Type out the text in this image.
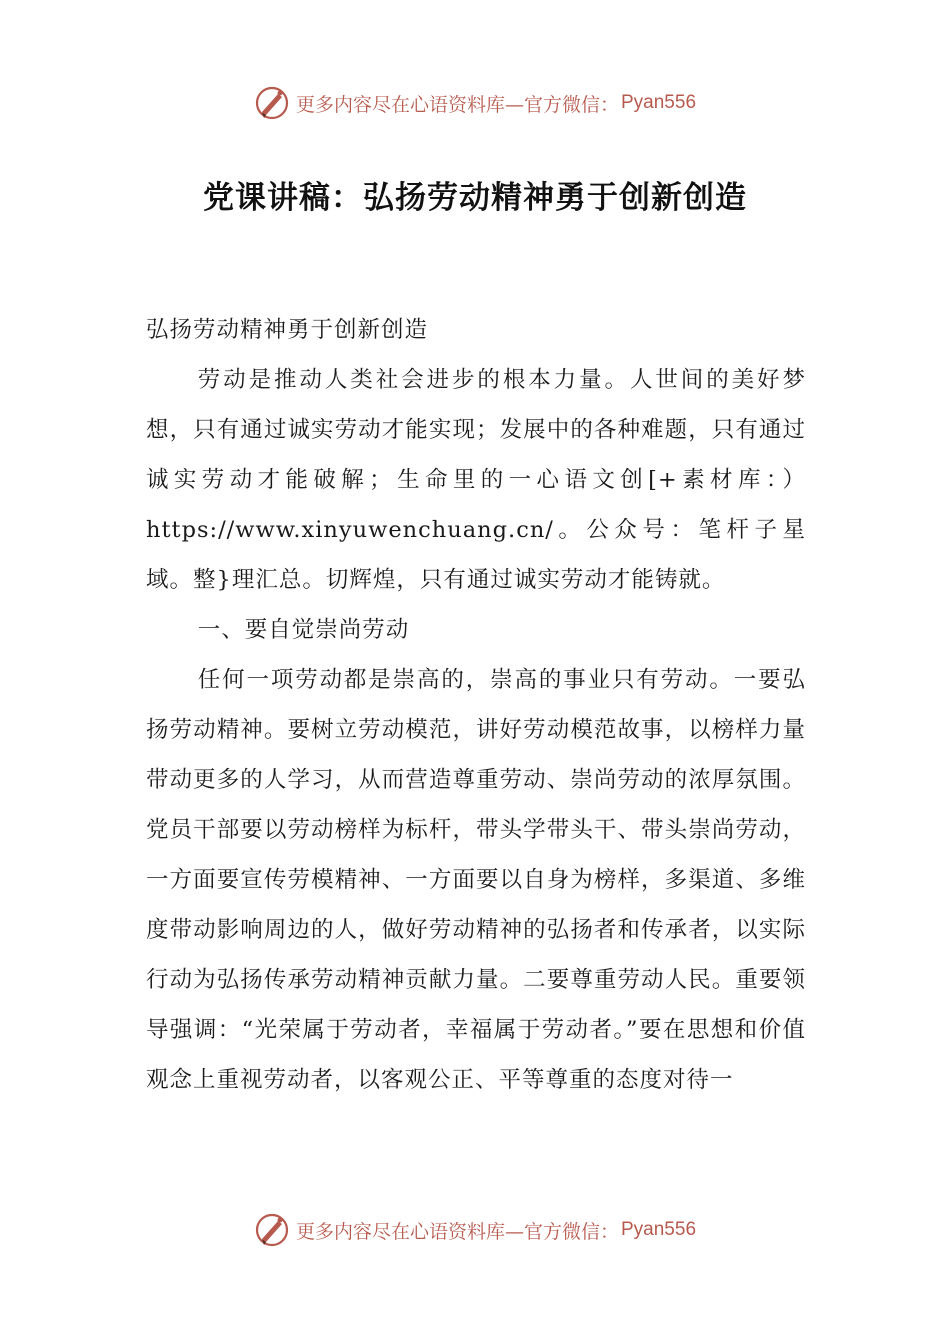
更多内容尽在心语资料库—官方微信： Pyan556
党课讲稿：弘扬劳动精神勇于创新创造

弘扬劳动精神勇于创新创造

劳动是推动人类社会进步的根本力量。人世间的美好梦想，只有通过诚实劳动才能实现；发展中的各种难题，只有通过诚实劳动才能破解；生命里的一心语文创[+素材库：）https://www.xinyuwenchuang.cn/。公众号：笔杆子星域。整}理汇总。切辉煌，只有通过诚实劳动才能铸就。

一、要自觉崇尚劳动

任何一项劳动都是崇高的，崇高的事业只有劳动。一要弘扬劳动精神。要树立劳动模范，讲好劳动模范故事，以榜样力量带动更多的人学习，从而营造尊重劳动、崇尚劳动的浓厚氛围。党员干部要以劳动榜样为标杆，带头学带头干、带头崇尚劳动，一方面要宣传劳模精神、一方面要以自身为榜样，多渠道、多维度带动影响周边的人，做好劳动精神的弘扬者和传承者，以实际行动为弘扬传承劳动精神贡献力量。二要尊重劳动人民。重要领导强调：“光荣属于劳动者，幸福属于劳动者。”要在思想和价值观念上重视劳动者，以客观公正、平等尊重的态度对待一

更多内容尽在心语资料库—官方微信： Pyan556
